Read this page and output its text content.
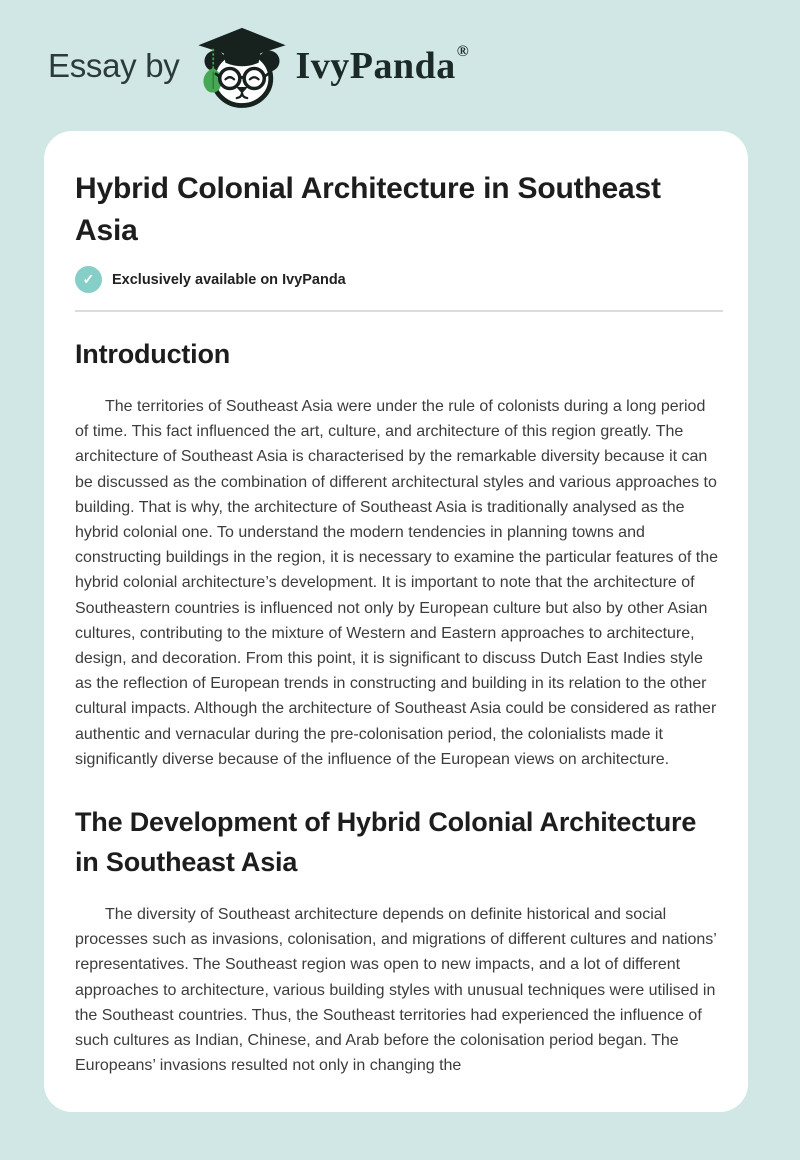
Essay by	IvyPanda ®
Hybrid Colonial Architecture in Southeast Asia
✓	Exclusively available on IvyPanda
Introduction

The territories of Southeast Asia were under the rule of colonists during a long period of time. This fact influenced the art, culture, and architecture of this region greatly. The architecture of Southeast Asia is characterised by the remarkable diversity because it can be discussed as the combination of different architectural styles and various approaches to building. That is why, the architecture of Southeast Asia is traditionally analysed as the hybrid colonial one. To understand the modern tendencies in planning towns and constructing buildings in the region, it is necessary to examine the particular features of the hybrid colonial architecture’s development. It is important to note that the architecture of Southeastern countries is influenced not only by European culture but also by other Asian cultures, contributing to the mixture of Western and Eastern approaches to architecture, design, and decoration. From this point, it is significant to discuss Dutch East Indies style as the reflection of European trends in constructing and building in its relation to the other cultural impacts. Although the architecture of Southeast Asia could be considered as rather authentic and vernacular during the pre-colonisation period, the colonialists made it significantly diverse because of the influence of the European views on architecture.

The Development of Hybrid Colonial Architecture in Southeast Asia

The diversity of Southeast architecture depends on definite historical and social processes such as invasions, colonisation, and migrations of different cultures and nations’ representatives. The Southeast region was open to new impacts, and a lot of different approaches to architecture, various building styles with unusual techniques were utilised in the Southeast countries. Thus, the Southeast territories had experienced the influence of such cultures as Indian, Chinese, and Arab before the colonisation period began. The Europeans’ invasions resulted not only in changing the
